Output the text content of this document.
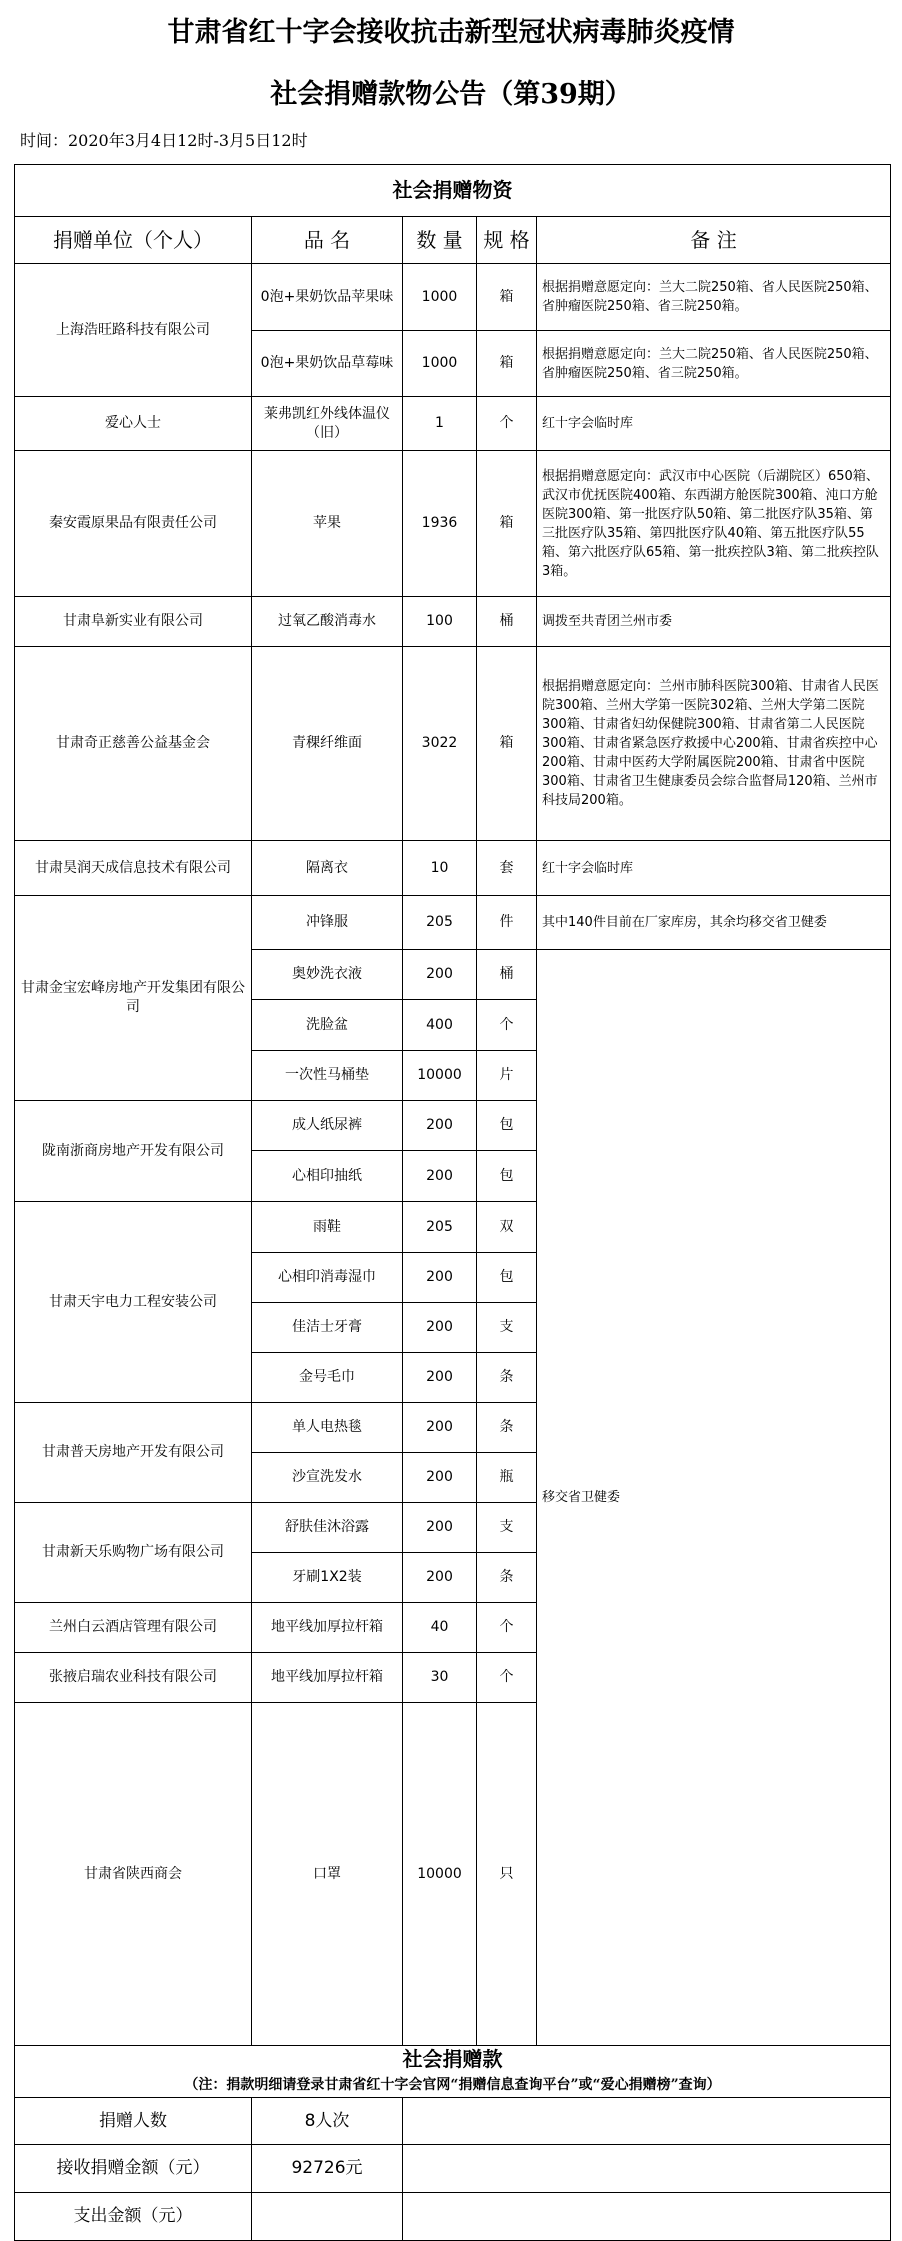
甘肃省红十字会接收抗击新型冠状病毒肺炎疫情
社会捐赠款物公告（第39期）
时间：2020年3月4日12时-3月5日12时
社会捐赠物资					
捐赠单位（个人）	品 名	数 量	规 格	备 注	
上海浩旺路科技有限公司	0泡+果奶饮品苹果味	1000	箱	根据捐赠意愿定向：兰大二院250箱、省人民医院250箱、省肿瘤医院250箱、省三院250箱。	
	0泡+果奶饮品草莓味	1000	箱	根据捐赠意愿定向：兰大二院250箱、省人民医院250箱、省肿瘤医院250箱、省三院250箱。	
爱心人士	莱弗凯红外线体温仪（旧）	1	个	红十字会临时库	
秦安霞原果品有限责任公司	苹果	1936	箱	根据捐赠意愿定向：武汉市中心医院（后湖院区）650箱、武汉市优抚医院400箱、东西湖方舱医院300箱、沌口方舱医院300箱、第一批医疗队50箱、第二批医疗队35箱、第三批医疗队35箱、第四批医疗队40箱、第五批医疗队55箱、第六批医疗队65箱、第一批疾控队3箱、第二批疾控队3箱。	
甘肃阜新实业有限公司	过氧乙酸消毒水	100	桶	调拨至共青团兰州市委	
甘肃奇正慈善公益基金会	青稞纤维面	3022	箱	根据捐赠意愿定向：兰州市肺科医院300箱、甘肃省人民医院300箱、兰州大学第一医院302箱、兰州大学第二医院300箱、甘肃省妇幼保健院300箱、甘肃省第二人民医院300箱、甘肃省紧急医疗救援中心200箱、甘肃省疾控中心200箱、甘肃中医药大学附属医院200箱、甘肃省中医院300箱、甘肃省卫生健康委员会综合监督局120箱、兰州市科技局200箱。	
甘肃昊润天成信息技术有限公司	隔离衣	10	套	红十字会临时库	
甘肃金宝宏峰房地产开发集团有限公司	冲锋服	205	件	其中140件目前在厂家库房，其余均移交省卫健委	
	奥妙洗衣液	200	桶	移交省卫健委	
	洗脸盆	400	个		
	一次性马桶垫	10000	片		
陇南浙商房地产开发有限公司	成人纸尿裤	200	包		
	心相印抽纸	200	包		
甘肃天宇电力工程安装公司	雨鞋	205	双		
	心相印消毒湿巾	200	包		
	佳洁士牙膏	200	支		
	金号毛巾	200	条		
甘肃普天房地产开发有限公司	单人电热毯	200	条		
	沙宣洗发水	200	瓶		
甘肃新天乐购物广场有限公司	舒肤佳沐浴露	200	支		
	牙刷1X2装	200	条		
兰州白云酒店管理有限公司	地平线加厚拉杆箱	40	个		
张掖启瑞农业科技有限公司	地平线加厚拉杆箱	30	个		
甘肃省陕西商会	口罩	10000	只	
社会捐赠款					
（注：捐款明细请登录甘肃省红十字会官网“捐赠信息查询平台”或“爱心捐赠榜”查询）					
捐赠人数	8人次				
接收捐赠金额（元）	92726元				
支出金额（元）					
